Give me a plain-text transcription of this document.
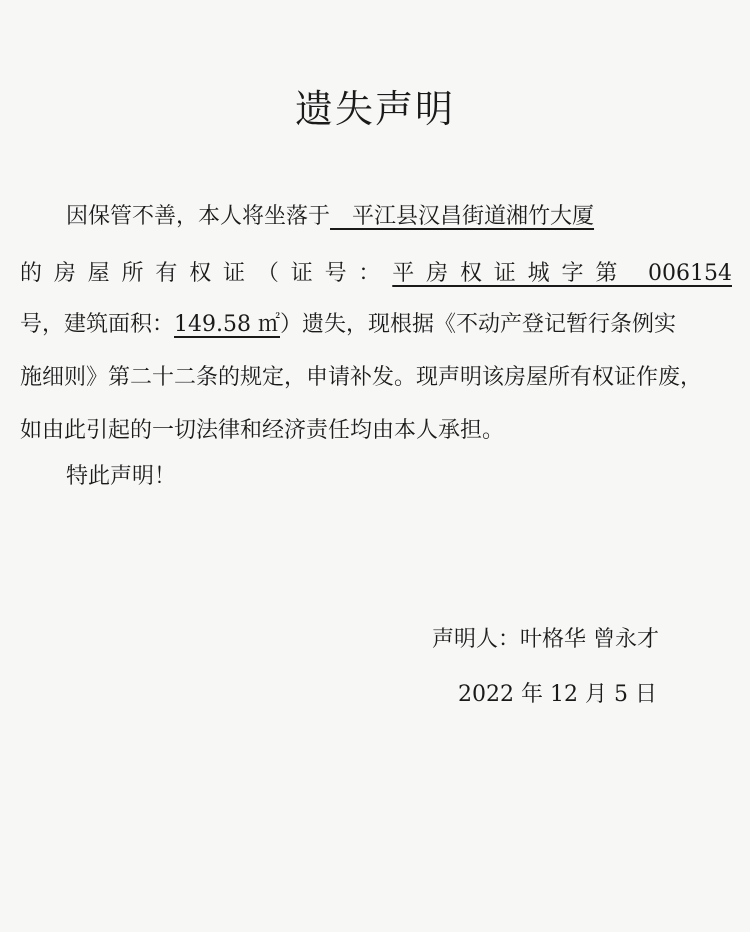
遗失声明
因保管不善，本人将坐落于　平江县汉昌街道湘竹大厦
的房屋所有权证（证号：平房权证城字第 006154
号，建筑面积：149.58 ㎡）遗失，现根据《不动产登记暂行条例实
施细则》第二十二条的规定，申请补发。现声明该房屋所有权证作废，
如由此引起的一切法律和经济责任均由本人承担。
特此声明！
声明人：叶格华 曾永才
2022 年 12 月 5 日
